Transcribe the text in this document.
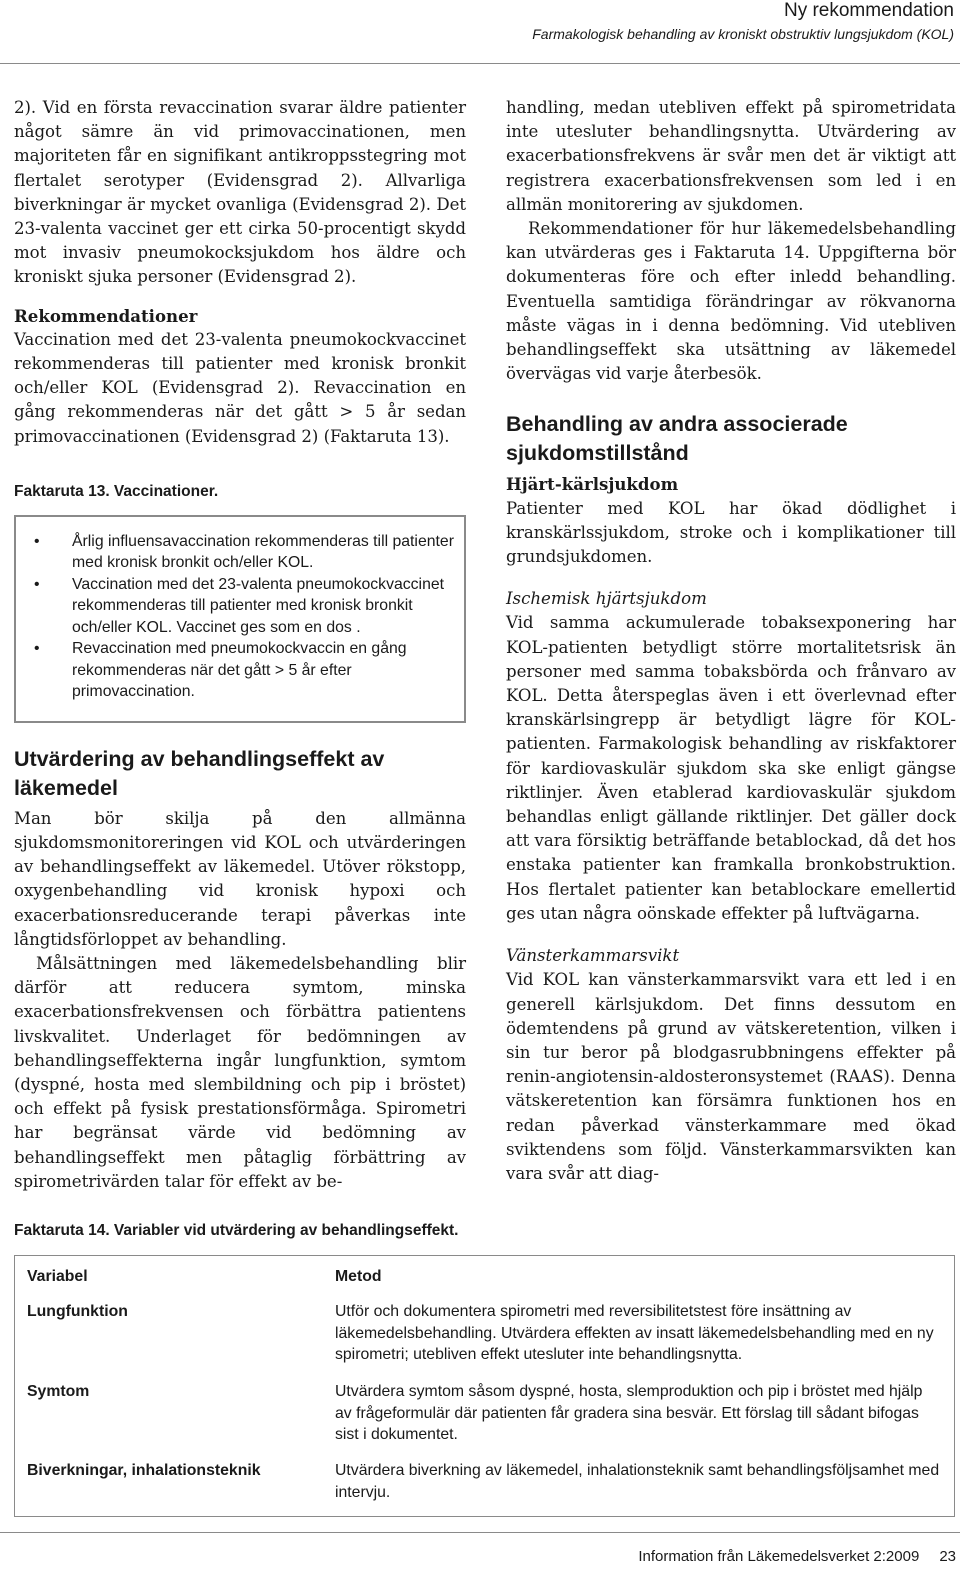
Ny rekommendation
Farmakologisk behandling av kroniskt obstruktiv lungsjukdom (KOL)

2). Vid en första revaccination svarar äldre patienter något sämre än vid primovaccinationen, men majoriteten får en signifikant antikroppsstegring mot flertalet serotyper (Evidensgrad 2). Allvarliga biverkningar är mycket ovanliga (Evidensgrad 2). Det 23-valenta vaccinet ger ett cirka 50-procentigt skydd mot invasiv pneumokocksjukdom hos äldre och kroniskt sjuka personer (Evidensgrad 2).

Rekommendationer

Vaccination med det 23-valenta pneumokockvaccinet rekommenderas till patienter med kronisk bronkit och/eller KOL (Evidensgrad 2). Revaccination en gång rekommenderas när det gått > 5 år sedan primovaccinationen (Evidensgrad 2) (Faktaruta 13).

Faktaruta 13. Vaccinationer.

• Årlig influensavaccination rekommenderas till patienter med kronisk bronkit och/eller KOL.
• Vaccination med det 23-valenta pneumokockvaccinet rekommenderas till patienter med kronisk bronkit och/eller KOL. Vaccinet ges som en dos .
• Revaccination med pneumokockvaccin en gång rekommenderas när det gått > 5 år efter primovaccination.

Utvärdering av behandlingseffekt av läkemedel

Man bör skilja på den allmänna sjukdomsmonitoreringen vid KOL och utvärderingen av behandlingseffekt av läkemedel. Utöver rökstopp, oxygenbehandling vid kronisk hypoxi och exacerbationsreducerande terapi påverkas inte långtidsförloppet av behandling.

Målsättningen med läkemedelsbehandling blir därför att reducera symtom, minska exacerbationsfrekvensen och förbättra patientens livskvalitet. Underlaget för bedömningen av behandlingseffekterna ingår lungfunktion, symtom (dyspné, hosta med slembildning och pip i bröstet) och effekt på fysisk prestationsförmåga. Spirometri har begränsat värde vid bedömning av behandlingseffekt men påtaglig förbättring av spirometrivärden talar för effekt av be-

handling, medan utebliven effekt på spirometridata inte utesluter behandlingsnytta. Utvärdering av exacerbationsfrekvens är svår men det är viktigt att registrera exacerbationsfrekvensen som led i en allmän monitorering av sjukdomen.

Rekommendationer för hur läkemedelsbehandling kan utvärderas ges i Faktaruta 14. Uppgifterna bör dokumenteras före och efter inledd behandling. Eventuella samtidiga förändringar av rökvanorna måste vägas in i denna bedömning. Vid utebliven behandlingseffekt ska utsättning av läkemedel övervägas vid varje återbesök.

Behandling av andra associerade sjukdomstillstånd

Hjärt-kärlsjukdom

Patienter med KOL har ökad dödlighet i kranskärlssjukdom, stroke och i komplikationer till grundsjukdomen.

Ischemisk hjärtsjukdom

Vid samma ackumulerade tobaksexponering har KOL-patienten betydligt större mortalitetsrisk än personer med samma tobaksbörda och frånvaro av KOL. Detta återspeglas även i ett överlevnad efter kranskärlsingrepp är betydligt lägre för KOL-patienten. Farmakologisk behandling av riskfaktorer för kardiovaskulär sjukdom ska ske enligt gängse riktlinjer. Även etablerad kardiovaskulär sjukdom behandlas enligt gällande riktlinjer. Det gäller dock att vara försiktig beträffande betablockad, då det hos enstaka patienter kan framkalla bronkobstruktion. Hos flertalet patienter kan betablockare emellertid ges utan några oönskade effekter på luftvägarna.

Vänsterkammarsvikt

Vid KOL kan vänsterkammarsvikt vara ett led i en generell kärlsjukdom. Det finns dessutom en ödemtendens på grund av vätskeretention, vilken i sin tur beror på blodgasrubbningens effekter på renin-angiotensin-aldosteronsystemet (RAAS). Denna vätskeretention kan försämra funktionen hos en redan påverkad vänsterkammare med ökad sviktendens som följd. Vänsterkammarsvikten kan vara svår att diag-

Faktaruta 14. Variabler vid utvärdering av behandlingseffekt.

Variabel	Metod
Lungfunktion	Utför och dokumentera spirometri med reversibilitetstest före insättning av läkemedelsbehandling. Utvärdera effekten av insatt läkemedelsbehandling med en ny spirometri; utebliven effekt utesluter inte behandlingsnytta.
Symtom	Utvärdera symtom såsom dyspné, hosta, slemproduktion och pip i bröstet med hjälp av frågeformulär där patienten får gradera sina besvär. Ett förslag till sådant bifogas sist i dokumentet.
Biverkningar, inhalationsteknik	Utvärdera biverkning av läkemedel, inhalationsteknik samt behandlingsföljsamhet med intervju.
Information från Läkemedelsverket 2:2009 23
